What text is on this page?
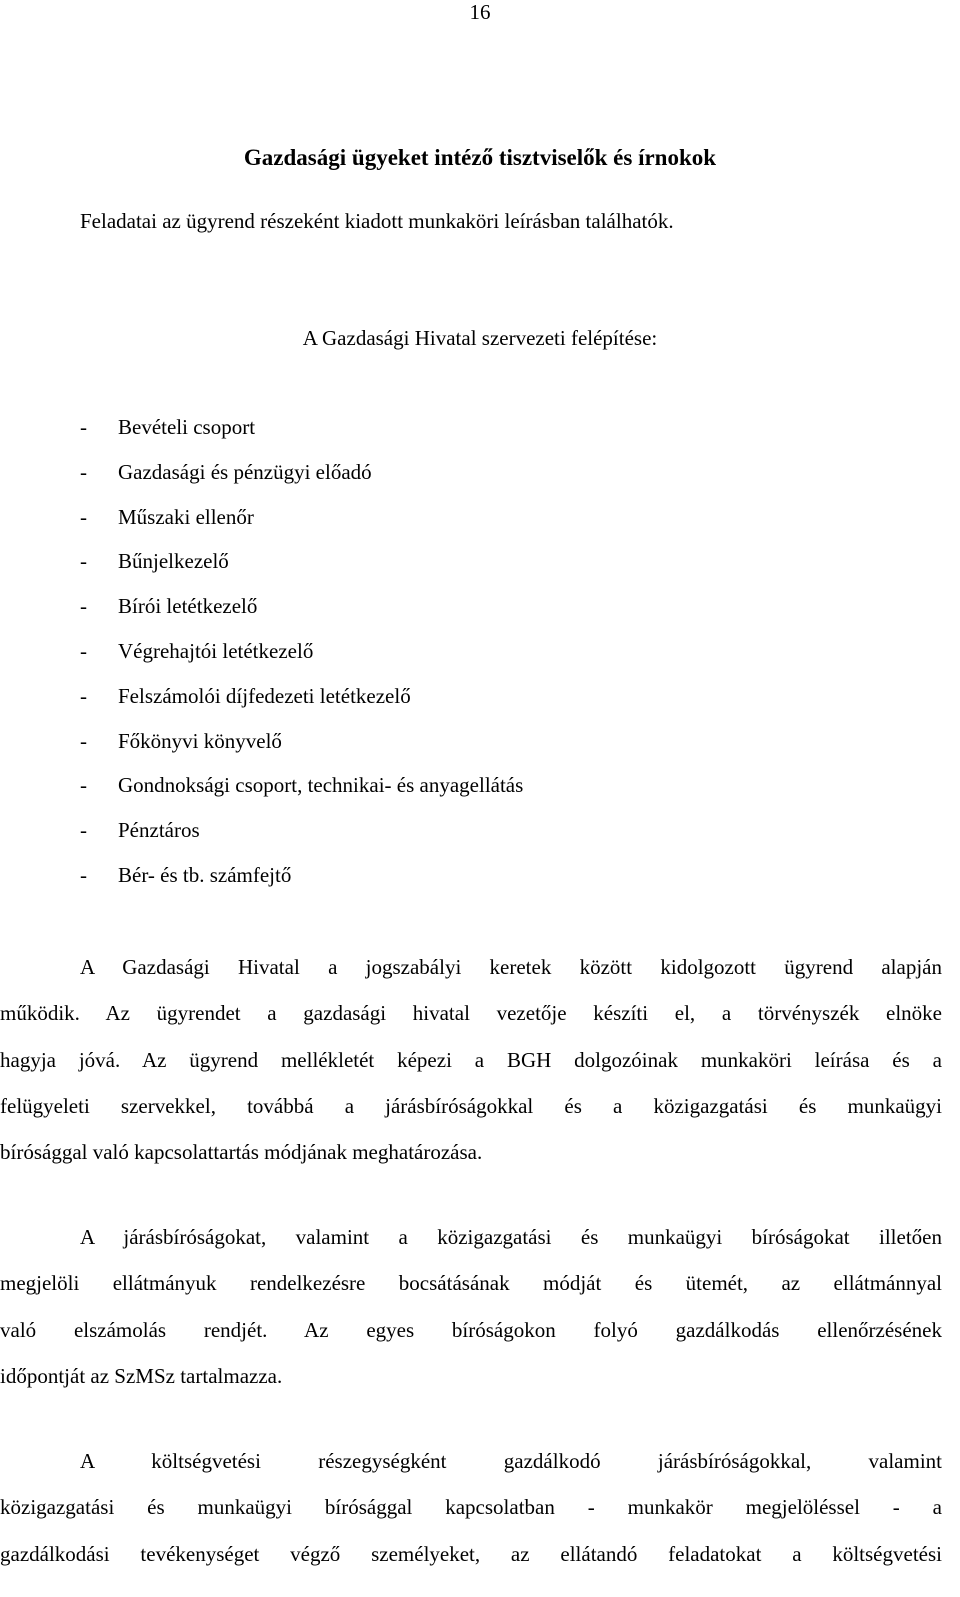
16
Gazdasági ügyeket intéző tisztviselők és írnokok
Feladatai az ügyrend részeként kiadott munkaköri leírásban találhatók.
A Gazdasági Hivatal szervezeti felépítése:
- Bevételi csoport
- Gazdasági és pénzügyi előadó
- Műszaki ellenőr
- Bűnjelkezelő
- Bírói letétkezelő
- Végrehajtói letétkezelő
- Felszámolói díjfedezeti letétkezelő
- Főkönyvi könyvelő
- Gondnoksági csoport, technikai- és anyagellátás
- Pénztáros
- Bér- és tb. számfejtő
A Gazdasági Hivatal a jogszabályi keretek között kidolgozott ügyrend alapján
működik. Az ügyrendet a gazdasági hivatal vezetője készíti el, a törvényszék elnöke
hagyja jóvá. Az ügyrend mellékletét képezi a BGH dolgozóinak munkaköri leírása és a
felügyeleti szervekkel, továbbá a járásbíróságokkal és a közigazgatási és munkaügyi
bírósággal való kapcsolattartás módjának meghatározása.
A járásbíróságokat, valamint a közigazgatási és munkaügyi bíróságokat illetően
megjelöli ellátmányuk rendelkezésre bocsátásának módját és ütemét, az ellátmánnyal
való elszámolás rendjét. Az egyes bíróságokon folyó gazdálkodás ellenőrzésének
időpontját az SzMSz tartalmazza.
A költségvetési részegységként gazdálkodó járásbíróságokkal, valamint
közigazgatási és munkaügyi bírósággal kapcsolatban - munkakör megjelöléssel - a
gazdálkodási tevékenységet végző személyeket, az ellátandó feladatokat a költségvetési
